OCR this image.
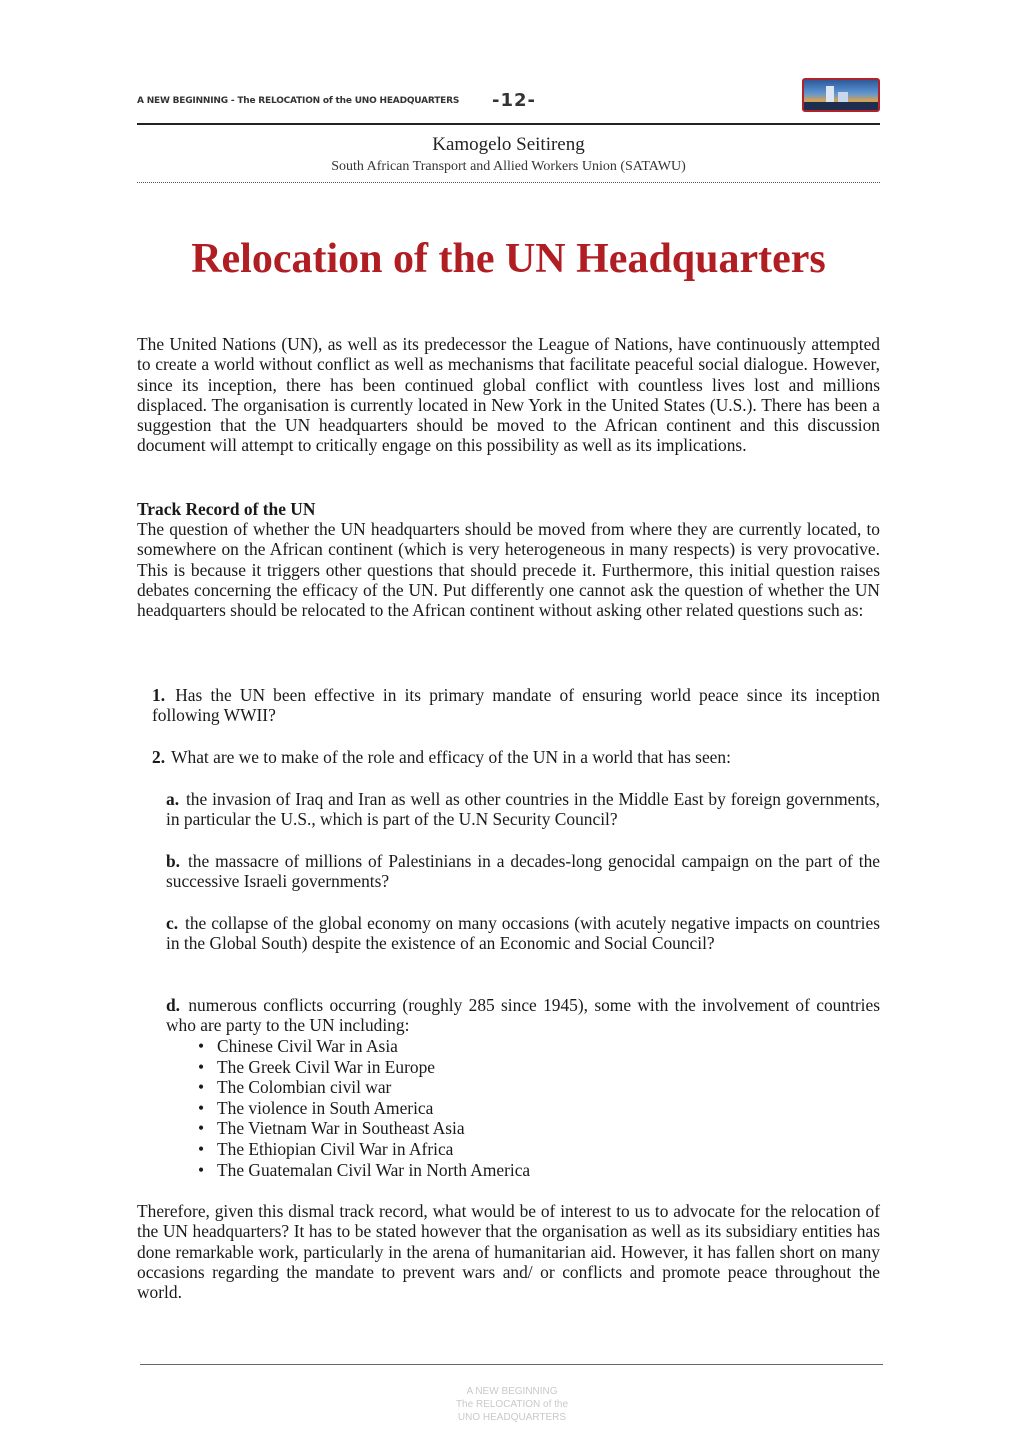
A NEW BEGINNING - The RELOCATION of the UNO HEADQUARTERS -12-
Kamogelo Seitireng
South African Transport and Allied Workers Union (SATAWU)
Relocation of the UN Headquarters

The United Nations (UN), as well as its predecessor the League of Nations, have continuously attempted to create a world without conflict as well as mechanisms that facilitate peaceful social dialogue. However, since its inception, there has been continued global conflict with countless lives lost and millions displaced. The organisation is currently located in New York in the United States (U.S.). There has been a suggestion that the UN headquarters should be moved to the African continent and this discussion document will attempt to critically engage on this possibility as well as its implications.

Track Record of the UN

The question of whether the UN headquarters should be moved from where they are currently located, to somewhere on the African continent (which is very heterogeneous in many respects) is very provocative. This is because it triggers other questions that should precede it. Furthermore, this initial question raises debates concerning the efficacy of the UN. Put differently one cannot ask the question of whether the UN headquarters should be relocated to the African continent without asking other related questions such as:

1. Has the UN been effective in its primary mandate of ensuring world peace since its inception following WWII?
2. What are we to make of the role and efficacy of the UN in a world that has seen:
a. the invasion of Iraq and Iran as well as other countries in the Middle East by foreign governments, in particular the U.S., which is part of the U.N Security Council?
b. the massacre of millions of Palestinians in a decades-long genocidal campaign on the part of the successive Israeli governments?
c. the collapse of the global economy on many occasions (with acutely negative impacts on countries in the Global South) despite the existence of an Economic and Social Council?
d. numerous conflicts occurring (roughly 285 since 1945), some with the involvement of countries who are party to the UN including:
• Chinese Civil War in Asia
• The Greek Civil War in Europe
• The Colombian civil war
• The violence in South America
• The Vietnam War in Southeast Asia
• The Ethiopian Civil War in Africa
• The Guatemalan Civil War in North America

Therefore, given this dismal track record, what would be of interest to us to advocate for the relocation of the UN headquarters? It has to be stated however that the organisation as well as its subsidiary entities has done remarkable work, particularly in the arena of humanitarian aid. However, it has fallen short on many occasions regarding the mandate to prevent wars and/ or conflicts and promote peace throughout the world.

A NEW BEGINNING
The RELOCATION of the
UNO HEADQUARTERS
